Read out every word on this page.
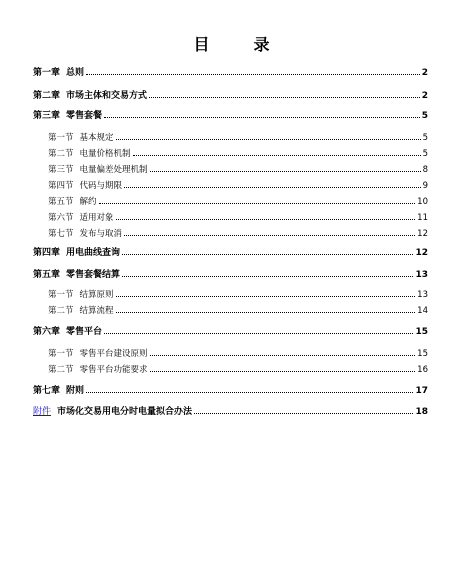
目　录
第一章 总则	2
第二章 市场主体和交易方式	2
第三章 零售套餐	5
第一节 基本规定	5
第二节 电量价格机制	5
第三节 电量偏差处理机制	8
第四节 代码与期限	9
第五节 解约	10
第六节 适用对象	11
第七节 发布与取消	12
第四章 用电曲线查询	12
第五章 零售套餐结算	13
第一节 结算原则	13
第二节 结算流程	14
第六章 零售平台	15
第一节 零售平台建设原则	15
第二节 零售平台功能要求	16
第七章 附则	17
附件 市场化交易用电分时电量拟合办法	18
